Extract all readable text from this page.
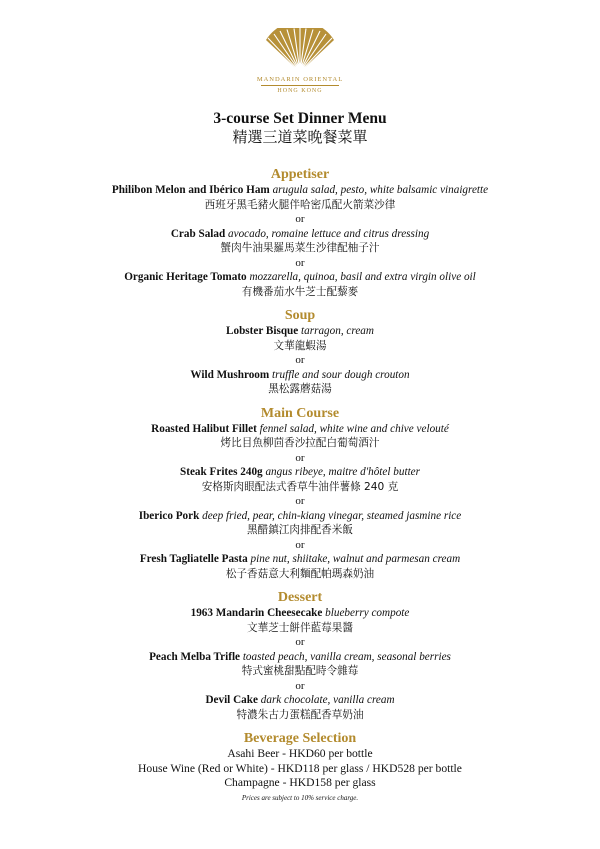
MANDARIN ORIENTAL
HONG KONG
3-course Set Dinner Menu
精選三道菜晚餐菜單
Appetiser
Philibon Melon and Ibérico Ham arugula salad, pesto, white balsamic vinaigrette
西班牙黑毛豬火腿伴哈密瓜配火箭菜沙律
or
Crab Salad avocado, romaine lettuce and citrus dressing
蟹肉牛油果羅馬菜生沙律配柚子汁
or
Organic Heritage Tomato mozzarella, quinoa, basil and extra virgin olive oil
有機番茄水牛芝士配藜麥
Soup
Lobster Bisque tarragon, cream
文華龍蝦湯
or
Wild Mushroom truffle and sour dough crouton
黑松露蘑菇湯
Main Course
Roasted Halibut Fillet fennel salad, white wine and chive velouté
烤比目魚柳茴香沙拉配白葡萄酒汁
or
Steak Frites 240g angus ribeye, maitre d'hôtel butter
安格斯肉眼配法式香草牛油伴薯條 240 克
or
Iberico Pork deep fried, pear, chin-kiang vinegar, steamed jasmine rice
黑醋鎮江肉排配香米飯
or
Fresh Tagliatelle Pasta pine nut, shiitake, walnut and parmesan cream
松子香菇意大利麵配帕瑪森奶油
Dessert
1963 Mandarin Cheesecake blueberry compote
文華芝士餅伴藍莓果醬
or
Peach Melba Trifle toasted peach, vanilla cream, seasonal berries
特式蜜桃甜點配時令雜莓
or
Devil Cake dark chocolate, vanilla cream
特濃朱古力蛋糕配香草奶油
Beverage Selection
Asahi Beer - HKD60 per bottle
House Wine (Red or White) - HKD118 per glass / HKD528 per bottle
Champagne - HKD158 per glass
Prices are subject to 10% service charge.
